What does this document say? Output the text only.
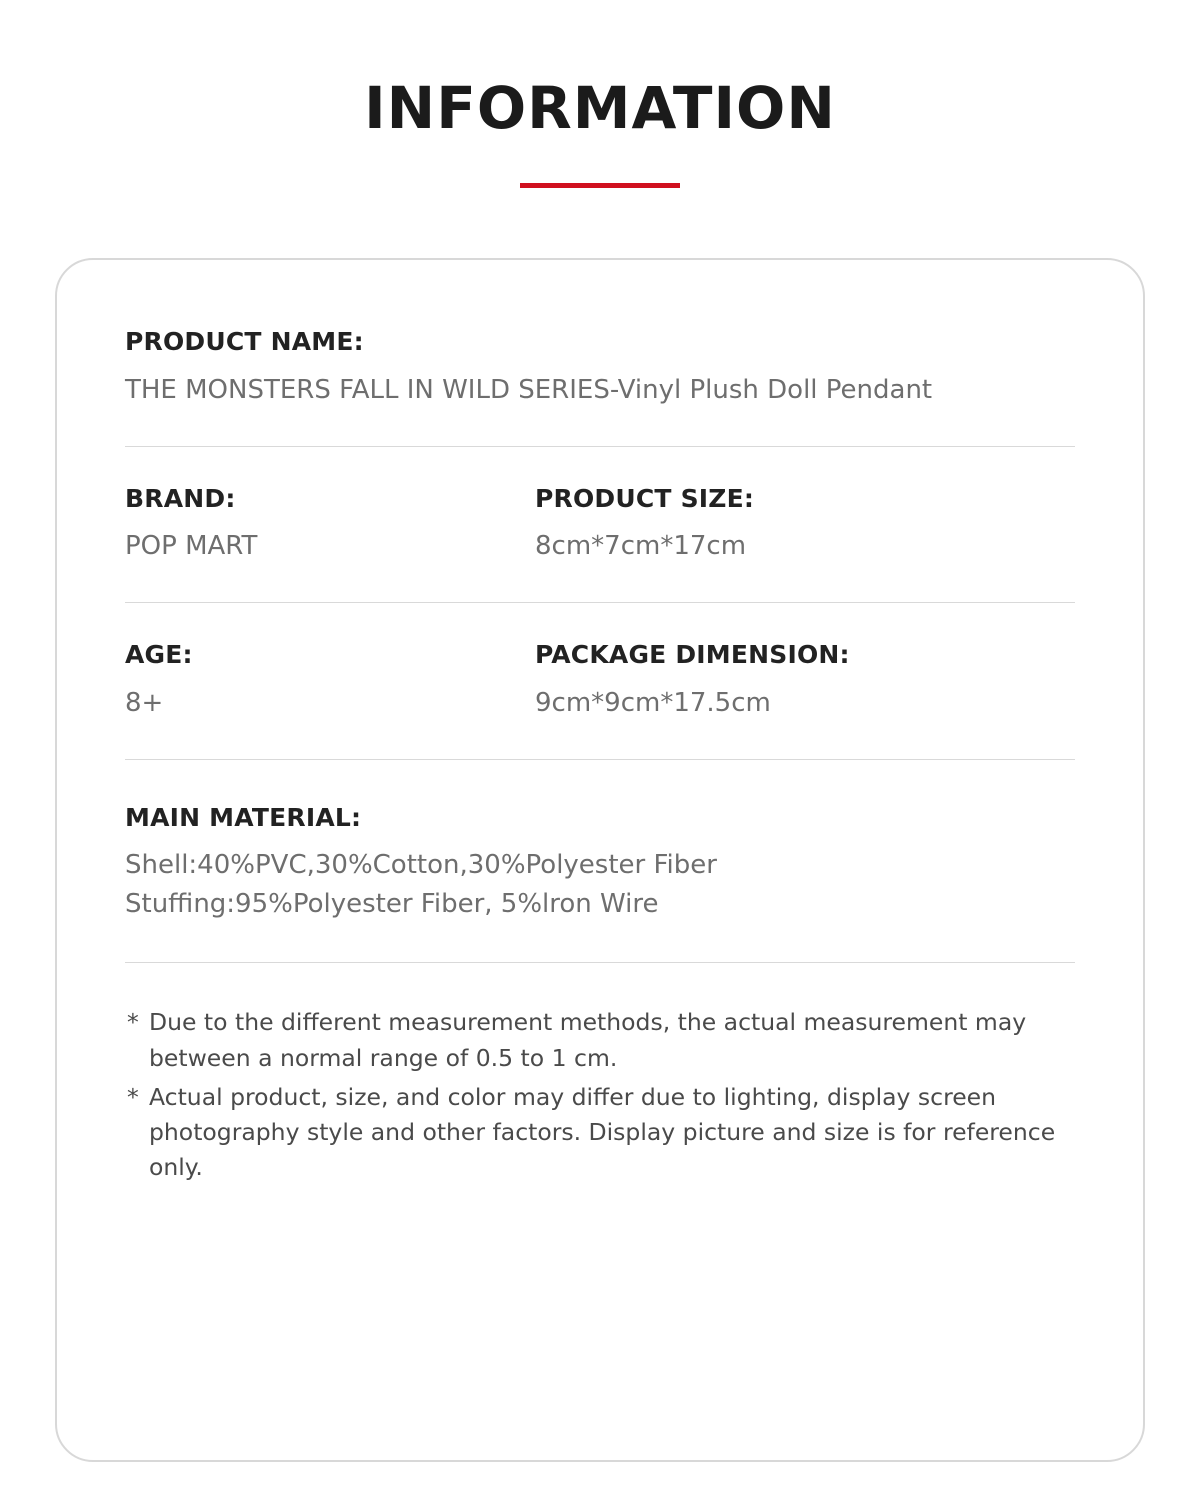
INFORMATION
PRODUCT NAME:
THE MONSTERS FALL IN WILD SERIES-Vinyl Plush Doll Pendant
BRAND:
POP MART
PRODUCT SIZE:
8cm*7cm*17cm
AGE:
8+
PACKAGE DIMENSION:
9cm*9cm*17.5cm
MAIN MATERIAL:
Shell:40%PVC,30%Cotton,30%Polyester Fiber
Stuffing:95%Polyester Fiber, 5%lron Wire
* Due to the different measurement methods, the actual measurement may between a normal range of 0.5 to 1 cm.
* Actual product, size, and color may differ due to lighting, display screen photography style and other factors. Display picture and size is for reference only.
